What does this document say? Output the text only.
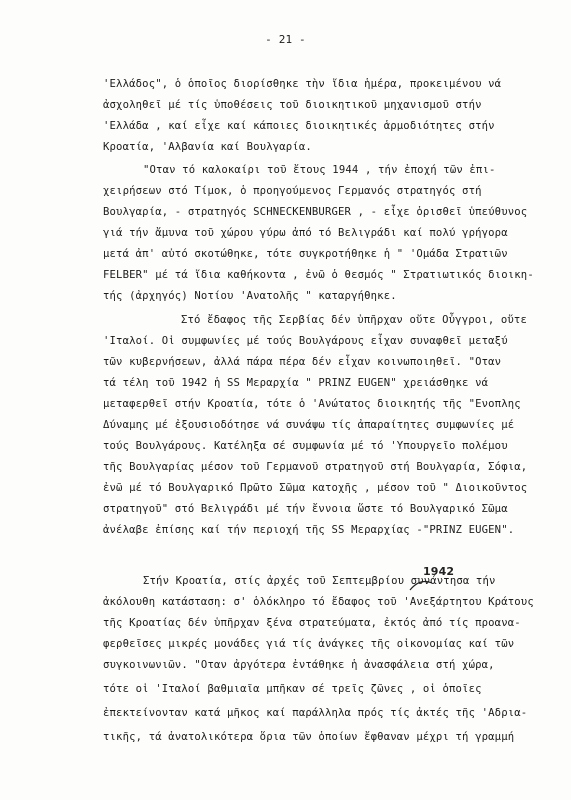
- 21 -
'Ελλάδος", ὁ ὁποῖος διορίσθηκε τὴν ἴδια ἡμέρα, προκειμένου νά
ἀσχοληθεῖ μέ τίς ὑποθέσεις τοῦ διοικητικοῦ μηχανισμοῦ στήν
'Ελλάδα , καί εἶχε καί κάποιες διοικητικές ἁρμοδιότητες στήν
Κροατία, 'Αλβανία καί Βουλγαρία.
"Οταν τό καλοκαίρι τοῦ ἔτους 1944 , τήν ἐποχή τῶν ἐπι-
χειρήσεων στό Τίμοκ, ὁ προηγούμενος Γερμανός στρατηγός στή
Βουλγαρία, - στρατηγός SCHNECKENBURGER , - εἶχε ὁρισθεῖ ὑπεύθυνος
γιά τήν ἄμυνα τοῦ χώρου γύρω ἀπό τό Βελιγράδι καί πολύ γρήγορα
μετά ἀπ' αὐτό σκοτώθηκε, τότε συγκροτήθηκε ἡ " 'Ομάδα Στρατιῶν
FELBER" μέ τά ἴδια καθήκοντα , ἐνῶ ὁ θεσμός " Στρατιωτικός διοικη-
τής (ἀρχηγός) Νοτίου 'Ανατολῆς " καταργήθηκε.
Στό ἔδαφος τῆς Σερβίας δέν ὑπῆρχαν οὔτε Οὖγγροι, οὔτε
'Ιταλοί. Οἱ συμφωνίες μέ τούς Βουλγάρους εἶχαν συναφθεῖ μεταξύ
τῶν κυβερνήσεων, ἀλλά πάρα πέρα δέν εἶχαν κοινωποιηθεῖ. "Οταν
τά τέλη τοῦ 1942 ἡ SS Μεραρχία " PRINZ EUGEN" χρειάσθηκε νά
μεταφερθεῖ στήν Κροατία, τότε ὁ 'Ανώτατος διοικητής τῆς "Ενοπλης
Δύναμης μέ ἐξουσιοδότησε νά συνάψω τίς ἀπαραίτητες συμφωνίες μέ
τούς Βουλγάρους. Κατέληξα σέ συμφωνία μέ τό 'Υπουργεῖο πολέμου
τῆς Βουλγαρίας μέσον τοῦ Γερμανοῦ στρατηγοῦ στή Βουλγαρία, Σόφια,
ἐνῶ μέ τό Βουλγαρικό Πρῶτο Σῶμα κατοχῆς , μέσον τοῦ " Διοικοῦντος
στρατηγοῦ" στό Βελιγράδι μέ τήν ἔννοια ὥστε τό Βουλγαρικό Σῶμα
ἀνέλαβε ἐπίσης καί τήν περιοχή τῆς SS Μεραρχίας -"PRINZ EUGEN".
1942
Στήν Κροατία, στίς ἀρχές τοῦ Σεπτεμβρίου συνάντησα τήν
ἀκόλουθη κατάσταση: σ' ὁλόκληρο τό ἔδαφος τοῦ 'Ανεξάρτητου Κράτους
τῆς Κροατίας δέν ὑπῆρχαν ξένα στρατεύματα, ἐκτός ἀπό τίς προανα-
φερθεῖσες μικρές μονάδες γιά τίς ἀνάγκες τῆς οἰκονομίας καί τῶν
συγκοινωνιῶν. "Οταν ἀργότερα ἐντάθηκε ἡ ἀνασφάλεια στή χώρα,
τότε οἱ 'Ιταλοί βαθμιαῖα μπῆκαν σέ τρεῖς ζῶνες , οἱ ὁποῖες
ἐπεκτείνονταν κατά μῆκος καί παράλληλα πρός τίς ἀκτές τῆς 'Αδρια-
τικῆς, τά ἀνατολικότερα ὅρια τῶν ὁποίων ἔφθαναν μέχρι τή γραμμή
